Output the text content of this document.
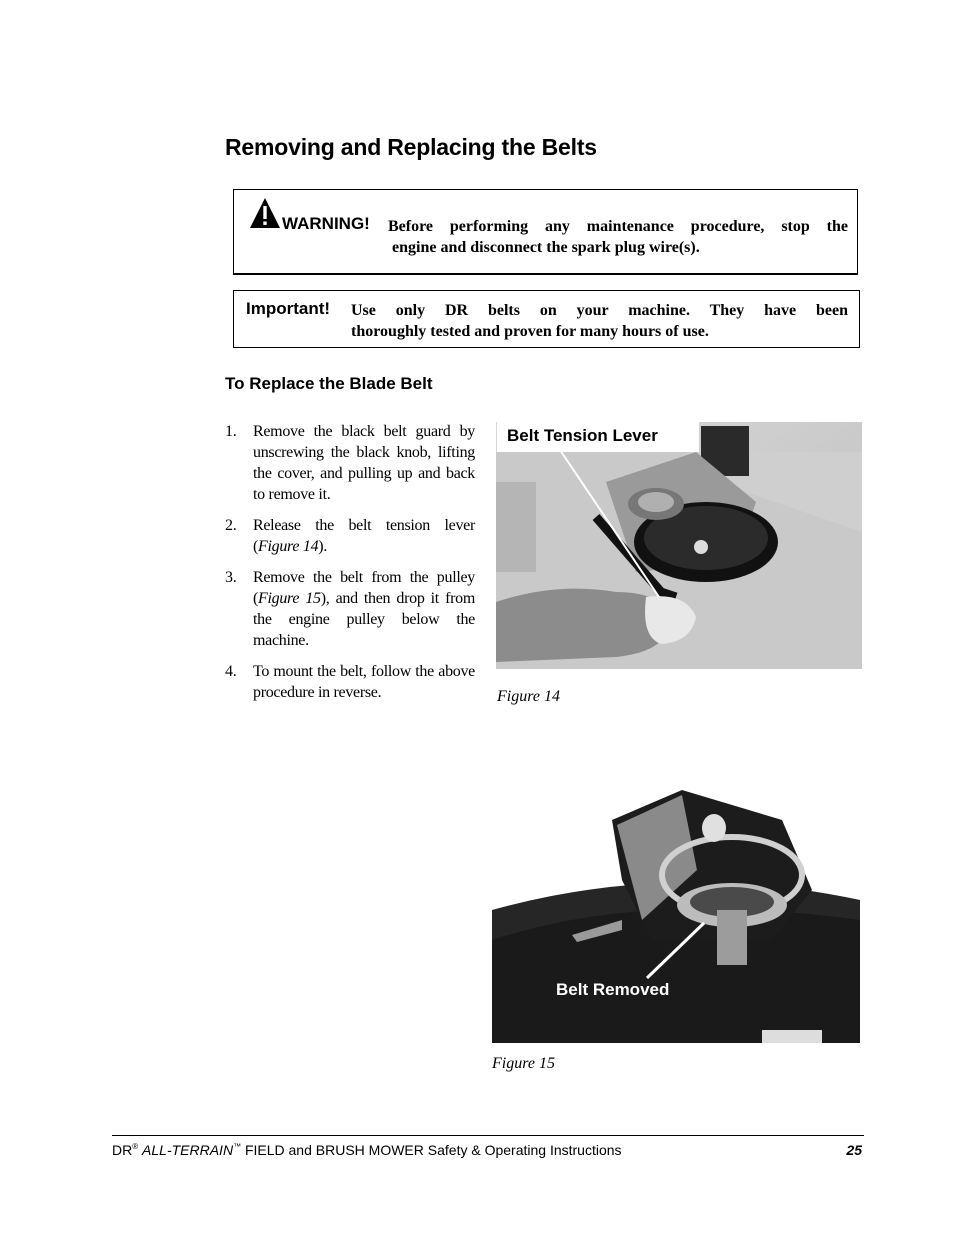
Removing and Replacing the Belts
WARNING! Before performing any maintenance procedure, stop the
engine and disconnect the spark plug wire(s).
Important! Use only DR belts on your machine. They have been
thoroughly tested and proven for many hours of use.
To Replace the Blade Belt
1. Remove the black belt guard by unscrewing the black knob, lifting the cover, and pulling up and back to remove it.
2. Release the belt tension lever (Figure 14).
3. Remove the belt from the pulley (Figure 15), and then drop it from the engine pulley below the machine.
4. To mount the belt, follow the above procedure in reverse.
Belt Tension Lever
Figure 14
Belt Removed
Figure 15
DR® ALL-TERRAIN™ FIELD and BRUSH MOWER Safety & Operating Instructions	25
